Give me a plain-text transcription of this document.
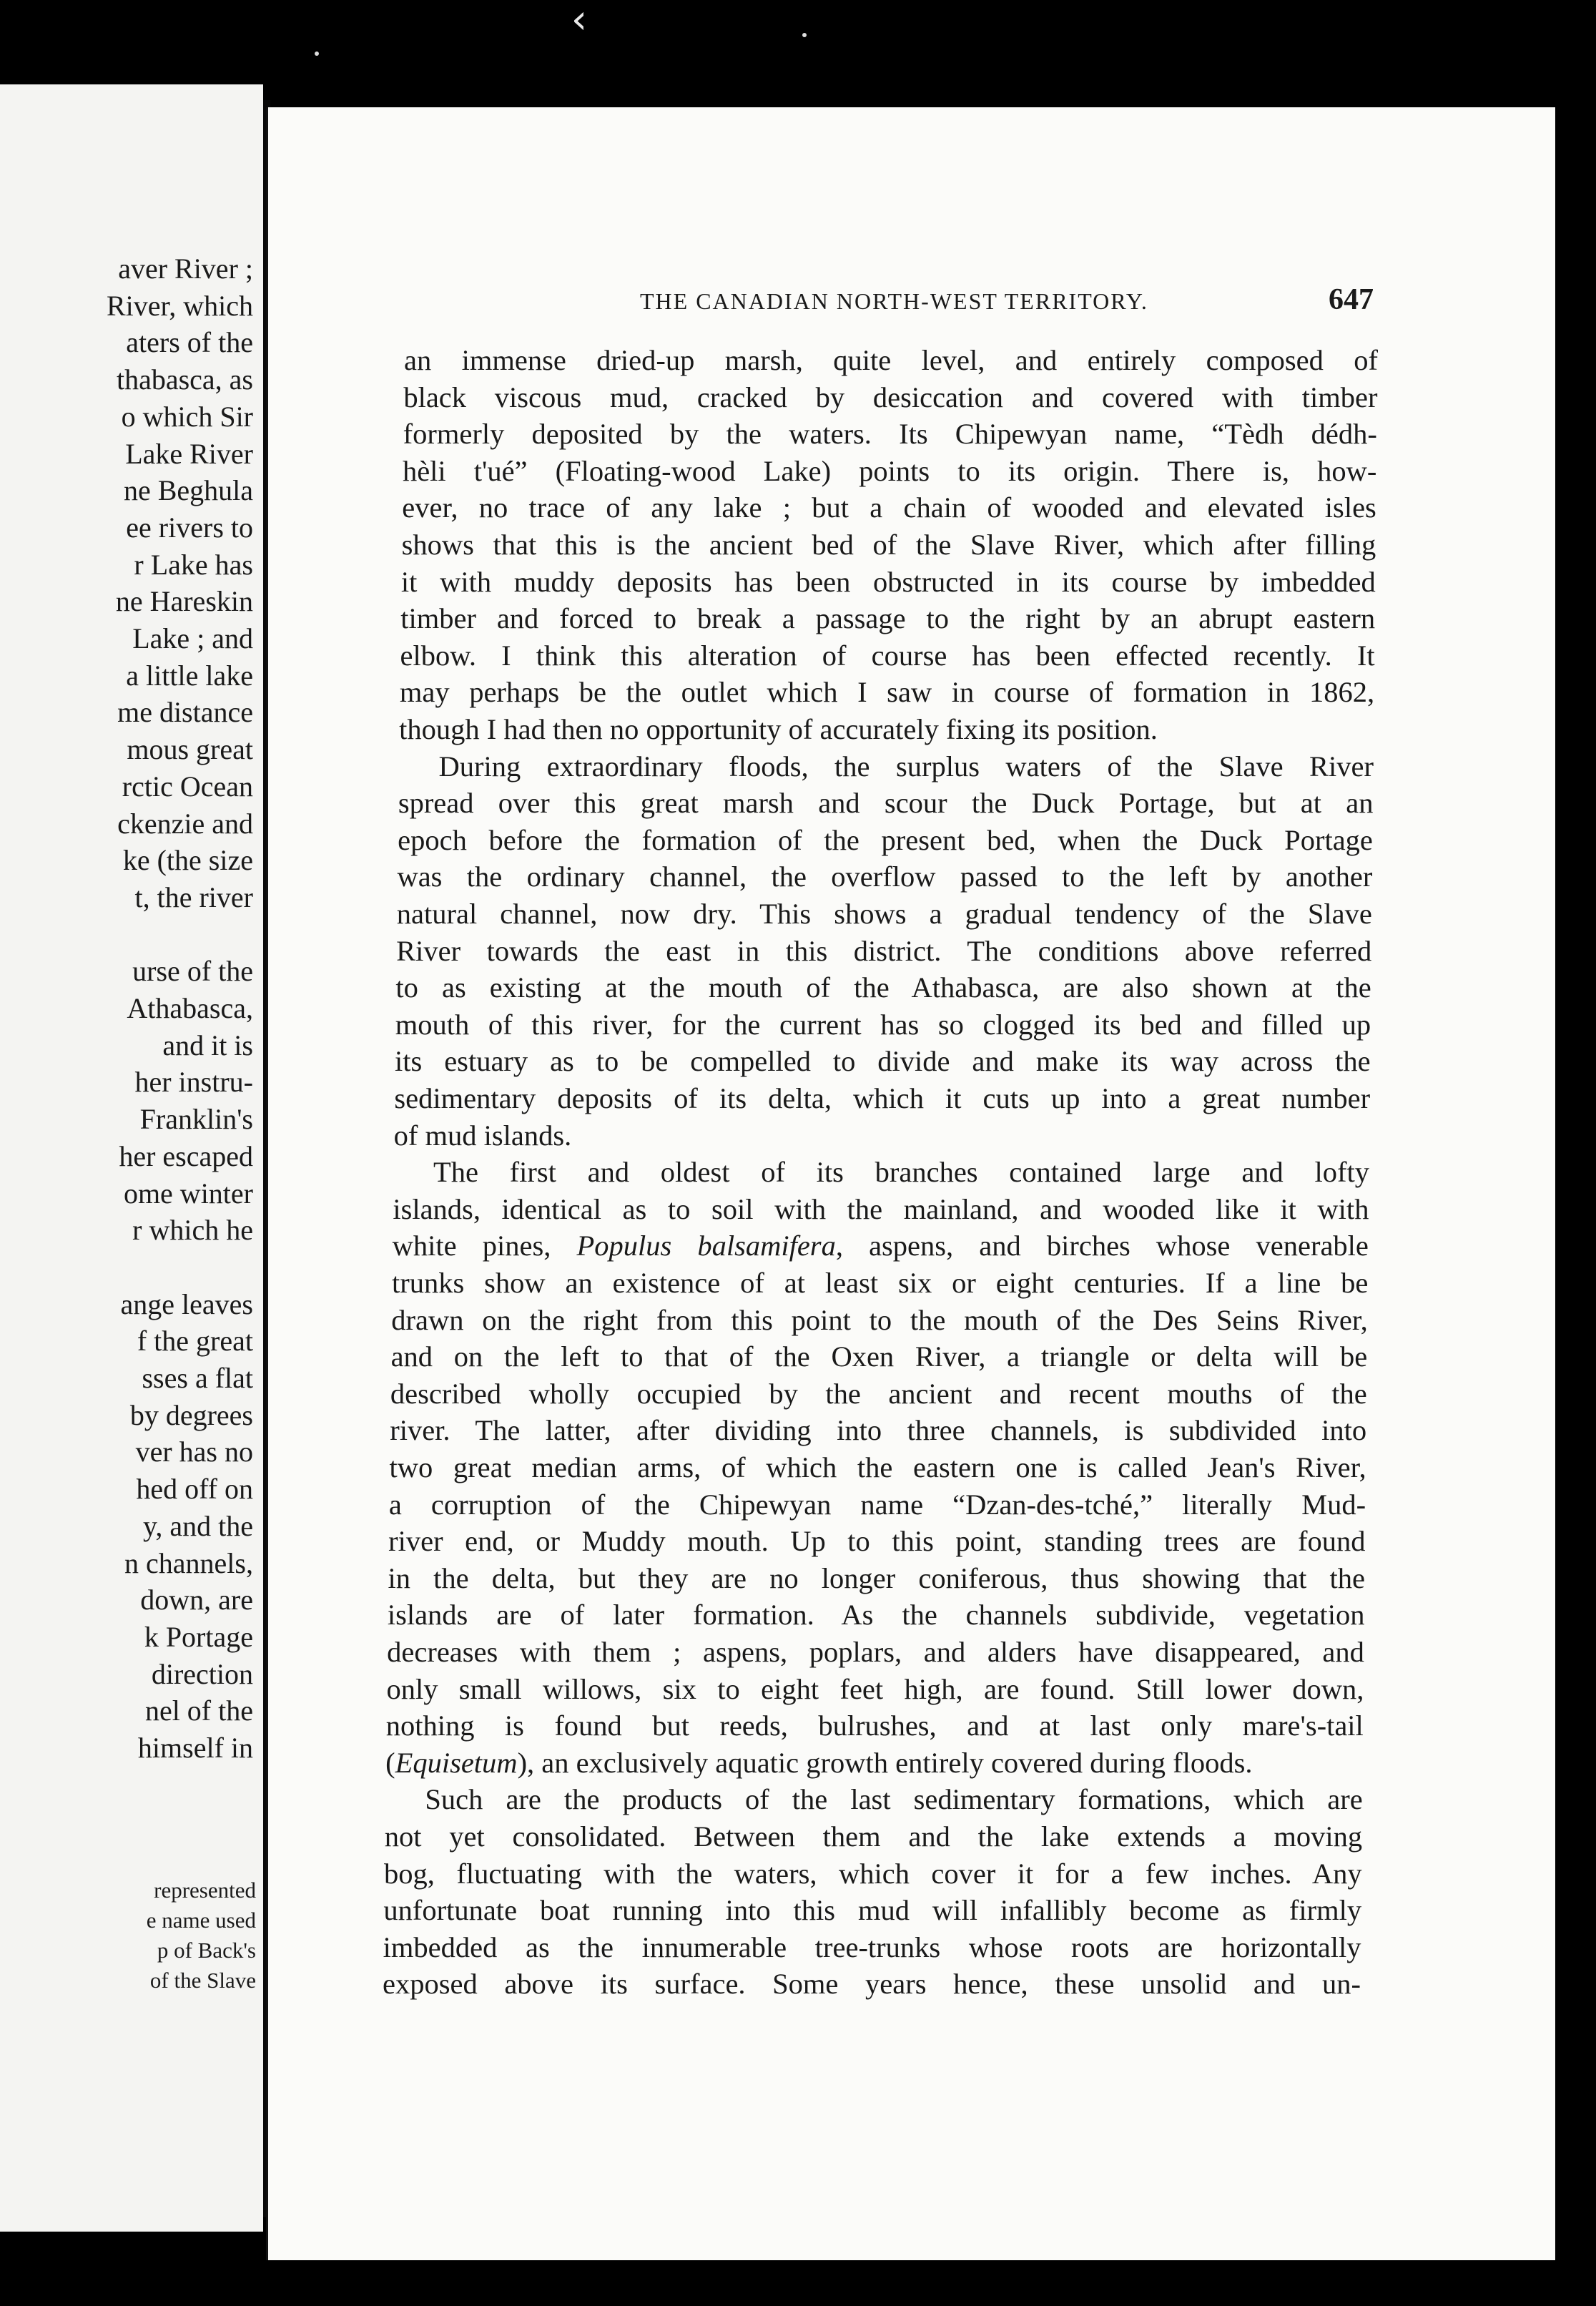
‹
aver River ;
River, which
aters of the
thabasca, as
o which Sir
Lake River
ne Beghula
ee rivers to
r Lake has
ne Hareskin
Lake ; and
a little lake
me distance
mous great
rctic Ocean
ckenzie and
ke (the size
t, the river
urse of the
Athabasca,
and it is
her instru-
Franklin's
her escaped
ome winter
r which he
ange leaves
f the great
sses a flat
by degrees
ver has no
hed off on
y, and the
n channels,
down, are
k Portage
direction
nel of the
himself in
represented
e name used
p of Back's
of the Slave
THE CANADIAN NORTH-WEST TERRITORY.	647
an immense dried-up marsh, quite level, and entirely composed of
black viscous mud, cracked by desiccation and covered with timber
formerly deposited by the waters. Its Chipewyan name, “Tèdh dédh-
hèli t'ué” (Floating-wood Lake) points to its origin. There is, how-
ever, no trace of any lake ; but a chain of wooded and elevated isles
shows that this is the ancient bed of the Slave River, which after filling
it with muddy deposits has been obstructed in its course by imbedded
timber and forced to break a passage to the right by an abrupt eastern
elbow. I think this alteration of course has been effected recently. It
may perhaps be the outlet which I saw in course of formation in 1862,
though I had then no opportunity of accurately fixing its position.
During extraordinary floods, the surplus waters of the Slave River
spread over this great marsh and scour the Duck Portage, but at an
epoch before the formation of the present bed, when the Duck Portage
was the ordinary channel, the overflow passed to the left by another
natural channel, now dry. This shows a gradual tendency of the Slave
River towards the east in this district. The conditions above referred
to as existing at the mouth of the Athabasca, are also shown at the
mouth of this river, for the current has so clogged its bed and filled up
its estuary as to be compelled to divide and make its way across the
sedimentary deposits of its delta, which it cuts up into a great number
of mud islands.
The first and oldest of its branches contained large and lofty
islands, identical as to soil with the mainland, and wooded like it with
white pines, Populus balsamifera, aspens, and birches whose venerable
trunks show an existence of at least six or eight centuries. If a line be
drawn on the right from this point to the mouth of the Des Seins River,
and on the left to that of the Oxen River, a triangle or delta will be
described wholly occupied by the ancient and recent mouths of the
river. The latter, after dividing into three channels, is subdivided into
two great median arms, of which the eastern one is called Jean's River,
a corruption of the Chipewyan name “Dzan-des-tché,” literally Mud-
river end, or Muddy mouth. Up to this point, standing trees are found
in the delta, but they are no longer coniferous, thus showing that the
islands are of later formation. As the channels subdivide, vegetation
decreases with them ; aspens, poplars, and alders have disappeared, and
only small willows, six to eight feet high, are found. Still lower down,
nothing is found but reeds, bulrushes, and at last only mare's-tail
(Equisetum), an exclusively aquatic growth entirely covered during floods.
Such are the products of the last sedimentary formations, which are
not yet consolidated. Between them and the lake extends a moving
bog, fluctuating with the waters, which cover it for a few inches. Any
unfortunate boat running into this mud will infallibly become as firmly
imbedded as the innumerable tree-trunks whose roots are horizontally
exposed above its surface. Some years hence, these unsolid and un-
